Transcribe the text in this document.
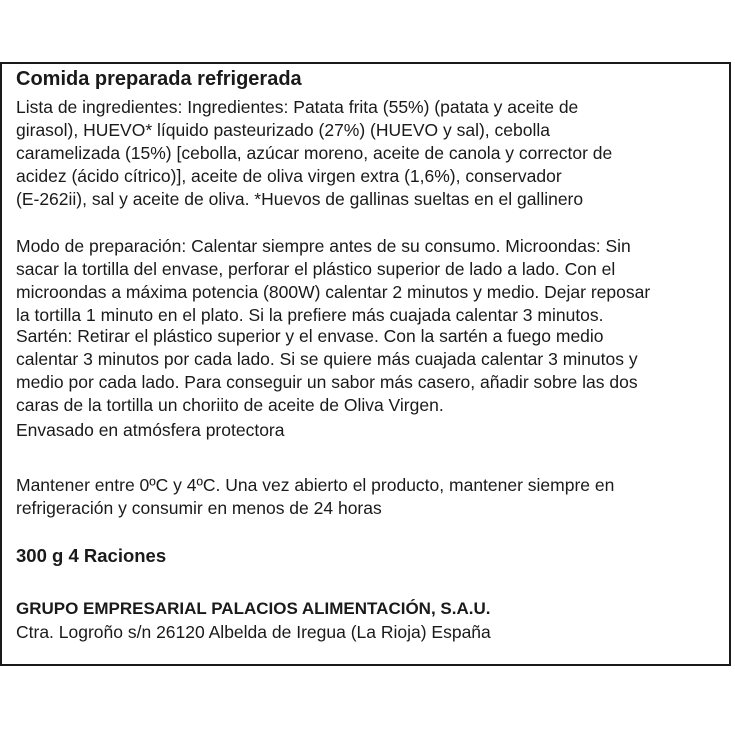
Comida preparada refrigerada
Lista de ingredientes: Ingredientes: Patata frita (55%) (patata y aceite de
girasol), HUEVO* líquido pasteurizado (27%) (HUEVO y sal), cebolla
caramelizada (15%) [cebolla, azúcar moreno, aceite de canola y corrector de
acidez (ácido cítrico)], aceite de oliva virgen extra (1,6%), conservador
(E-262ii), sal y aceite de oliva. *Huevos de gallinas sueltas en el gallinero
Modo de preparación: Calentar siempre antes de su consumo. Microondas: Sin
sacar la tortilla del envase, perforar el plástico superior de lado a lado. Con el
microondas a máxima potencia (800W) calentar 2 minutos y medio. Dejar reposar
la tortilla 1 minuto en el plato. Si la prefiere más cuajada calentar 3 minutos.
Sartén: Retirar el plástico superior y el envase. Con la sartén a fuego medio
calentar 3 minutos por cada lado. Si se quiere más cuajada calentar 3 minutos y
medio por cada lado. Para conseguir un sabor más casero, añadir sobre las dos
caras de la tortilla un choriito de aceite de Oliva Virgen.
Envasado en atmósfera protectora
Mantener entre 0ºC y 4ºC. Una vez abierto el producto, mantener siempre en
refrigeración y consumir en menos de 24 horas
300 g 4 Raciones
GRUPO EMPRESARIAL PALACIOS ALIMENTACIÓN, S.A.U.
Ctra. Logroño s/n 26120 Albelda de Iregua (La Rioja) España
